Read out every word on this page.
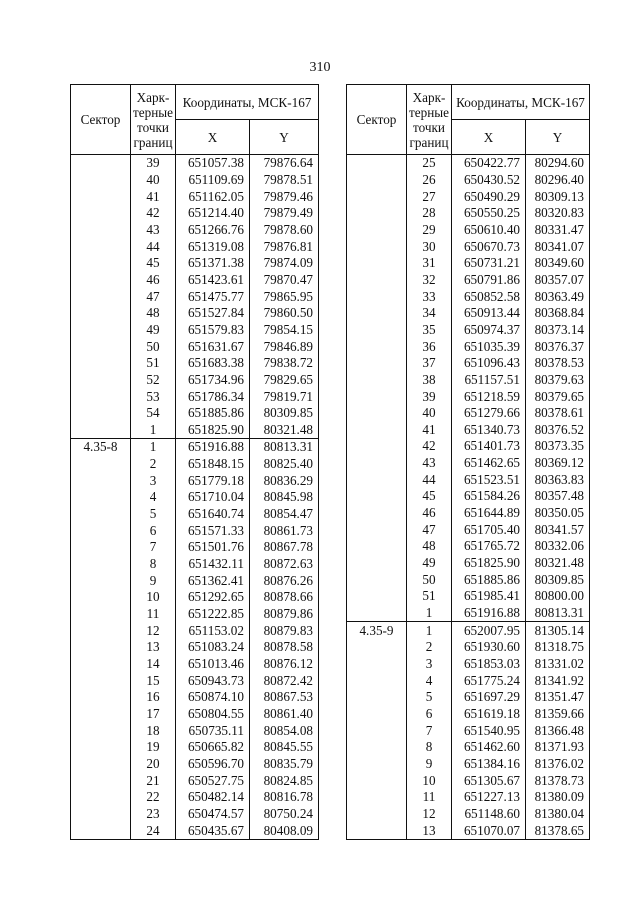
310
Сектор	Харк-терные точки границ	Координаты, МСК-167	
		X	Y
	39	651057.38	79876.64
	40	651109.69	79878.51
	41	651162.05	79879.46
	42	651214.40	79879.49
	43	651266.76	79878.60
	44	651319.08	79876.81
	45	651371.38	79874.09
	46	651423.61	79870.47
	47	651475.77	79865.95
	48	651527.84	79860.50
	49	651579.83	79854.15
	50	651631.67	79846.89
	51	651683.38	79838.72
	52	651734.96	79829.65
	53	651786.34	79819.71
	54	651885.86	80309.85
	1	651825.90	80321.48
4.35-8	1	651916.88	80813.31
	2	651848.15	80825.40
	3	651779.18	80836.29
	4	651710.04	80845.98
	5	651640.74	80854.47
	6	651571.33	80861.73
	7	651501.76	80867.78
	8	651432.11	80872.63
	9	651362.41	80876.26
	10	651292.65	80878.66
	11	651222.85	80879.86
	12	651153.02	80879.83
	13	651083.24	80878.58
	14	651013.46	80876.12
	15	650943.73	80872.42
	16	650874.10	80867.53
	17	650804.55	80861.40
	18	650735.11	80854.08
	19	650665.82	80845.55
	20	650596.70	80835.79
	21	650527.75	80824.85
	22	650482.14	80816.78
	23	650474.57	80750.24
	24	650435.67	80408.09
Сектор	Харк-терные точки границ	Координаты, МСК-167	
		X	Y
	25	650422.77	80294.60
	26	650430.52	80296.40
	27	650490.29	80309.13
	28	650550.25	80320.83
	29	650610.40	80331.47
	30	650670.73	80341.07
	31	650731.21	80349.60
	32	650791.86	80357.07
	33	650852.58	80363.49
	34	650913.44	80368.84
	35	650974.37	80373.14
	36	651035.39	80376.37
	37	651096.43	80378.53
	38	651157.51	80379.63
	39	651218.59	80379.65
	40	651279.66	80378.61
	41	651340.73	80376.52
	42	651401.73	80373.35
	43	651462.65	80369.12
	44	651523.51	80363.83
	45	651584.26	80357.48
	46	651644.89	80350.05
	47	651705.40	80341.57
	48	651765.72	80332.06
	49	651825.90	80321.48
	50	651885.86	80309.85
	51	651985.41	80800.00
	1	651916.88	80813.31
4.35-9	1	652007.95	81305.14
	2	651930.60	81318.75
	3	651853.03	81331.02
	4	651775.24	81341.92
	5	651697.29	81351.47
	6	651619.18	81359.66
	7	651540.95	81366.48
	8	651462.60	81371.93
	9	651384.16	81376.02
	10	651305.67	81378.73
	11	651227.13	81380.09
	12	651148.60	81380.04
	13	651070.07	81378.65
